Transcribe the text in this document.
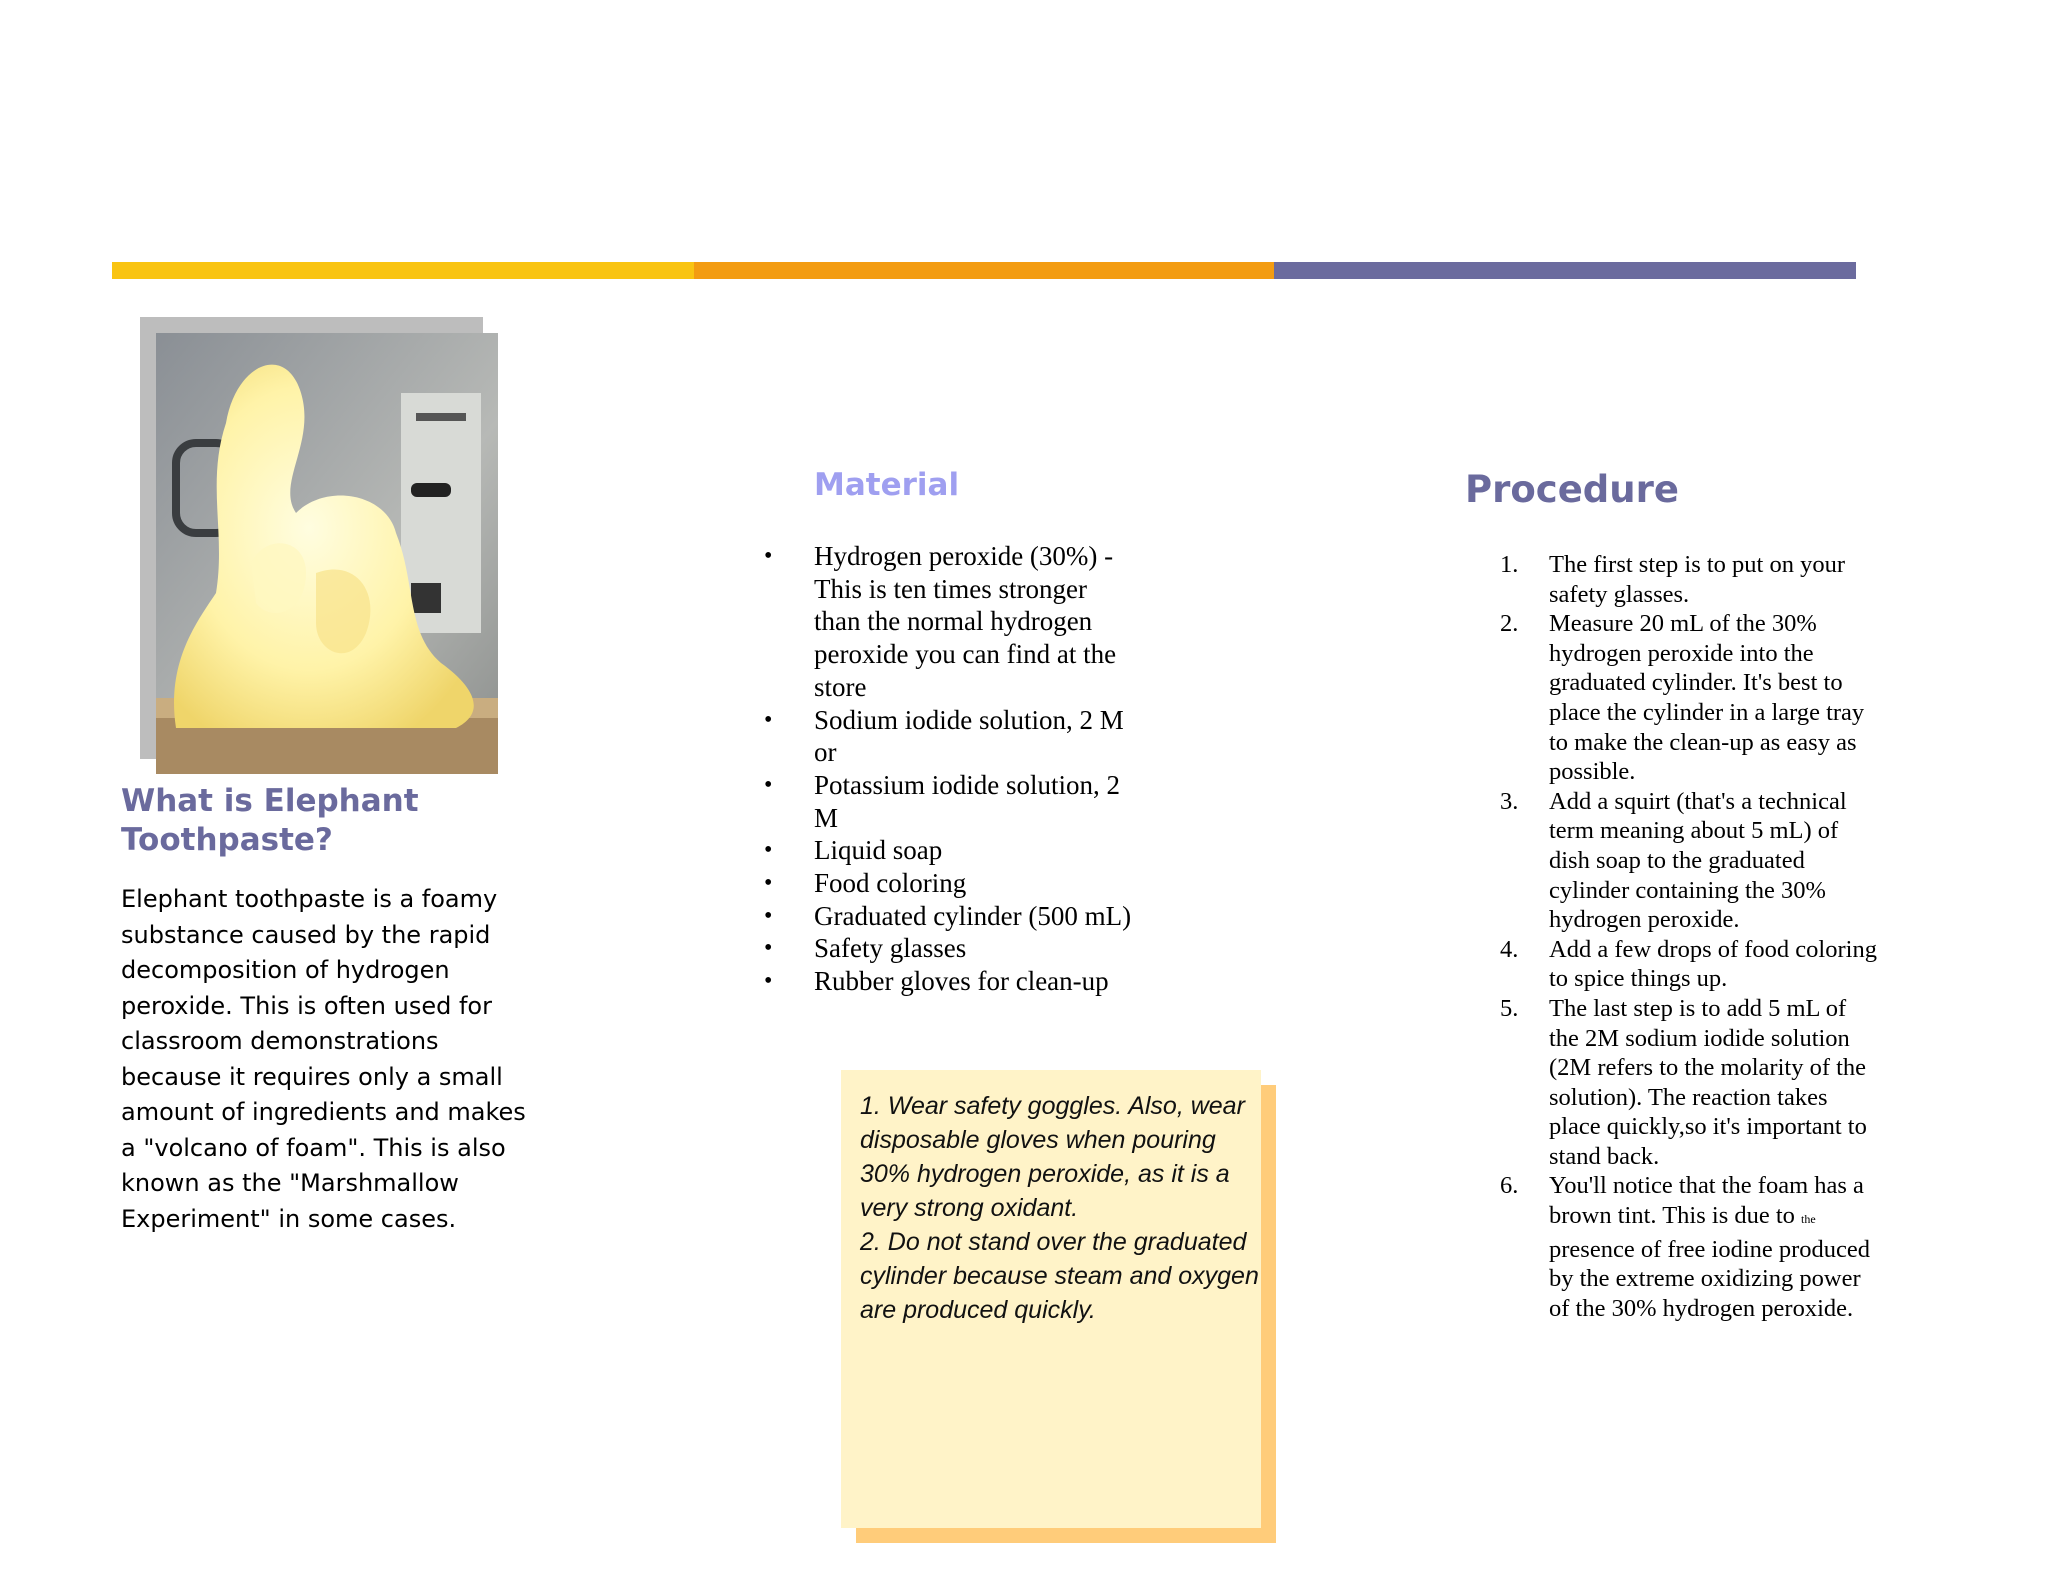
What is Elephant Toothpaste?
Elephant toothpaste is a foamy substance caused by the rapid decomposition of hydrogen peroxide. This is often used for classroom demonstrations because it requires only a small amount of ingredients and makes a "volcano of foam". This is also known as the "Marshmallow Experiment" in some cases.
Material
• Hydrogen peroxide (30%) - This is ten times stronger than the normal hydrogen peroxide you can find at the store
• Sodium iodide solution, 2 M
or
• Potassium iodide solution, 2 M
• Liquid soap
• Food coloring
• Graduated cylinder (500 mL)
• Safety glasses
• Rubber gloves for clean-up
1. Wear safety goggles. Also, wear disposable gloves when pouring 30% hydrogen peroxide, as it is a very strong oxidant.
2. Do not stand over the graduated cylinder because steam and oxygen are produced quickly.
Procedure
1. The first step is to put on your safety glasses.
2. Measure 20 mL of the 30% hydrogen peroxide into the graduated cylinder. It's best to place the cylinder in a large tray to make the clean-up as easy as possible.
3. Add a squirt (that's a technical term meaning about 5 mL) of dish soap to the graduated cylinder containing the 30% hydrogen peroxide.
4. Add a few drops of food coloring to spice things up.
5. The last step is to add 5 mL of the 2M sodium iodide solution (2M refers to the molarity of the solution). The reaction takes place quickly,so it's important to stand back.
6. You'll notice that the foam has a brown tint. This is due to the presence of free iodine produced by the extreme oxidizing power of the 30% hydrogen peroxide.
